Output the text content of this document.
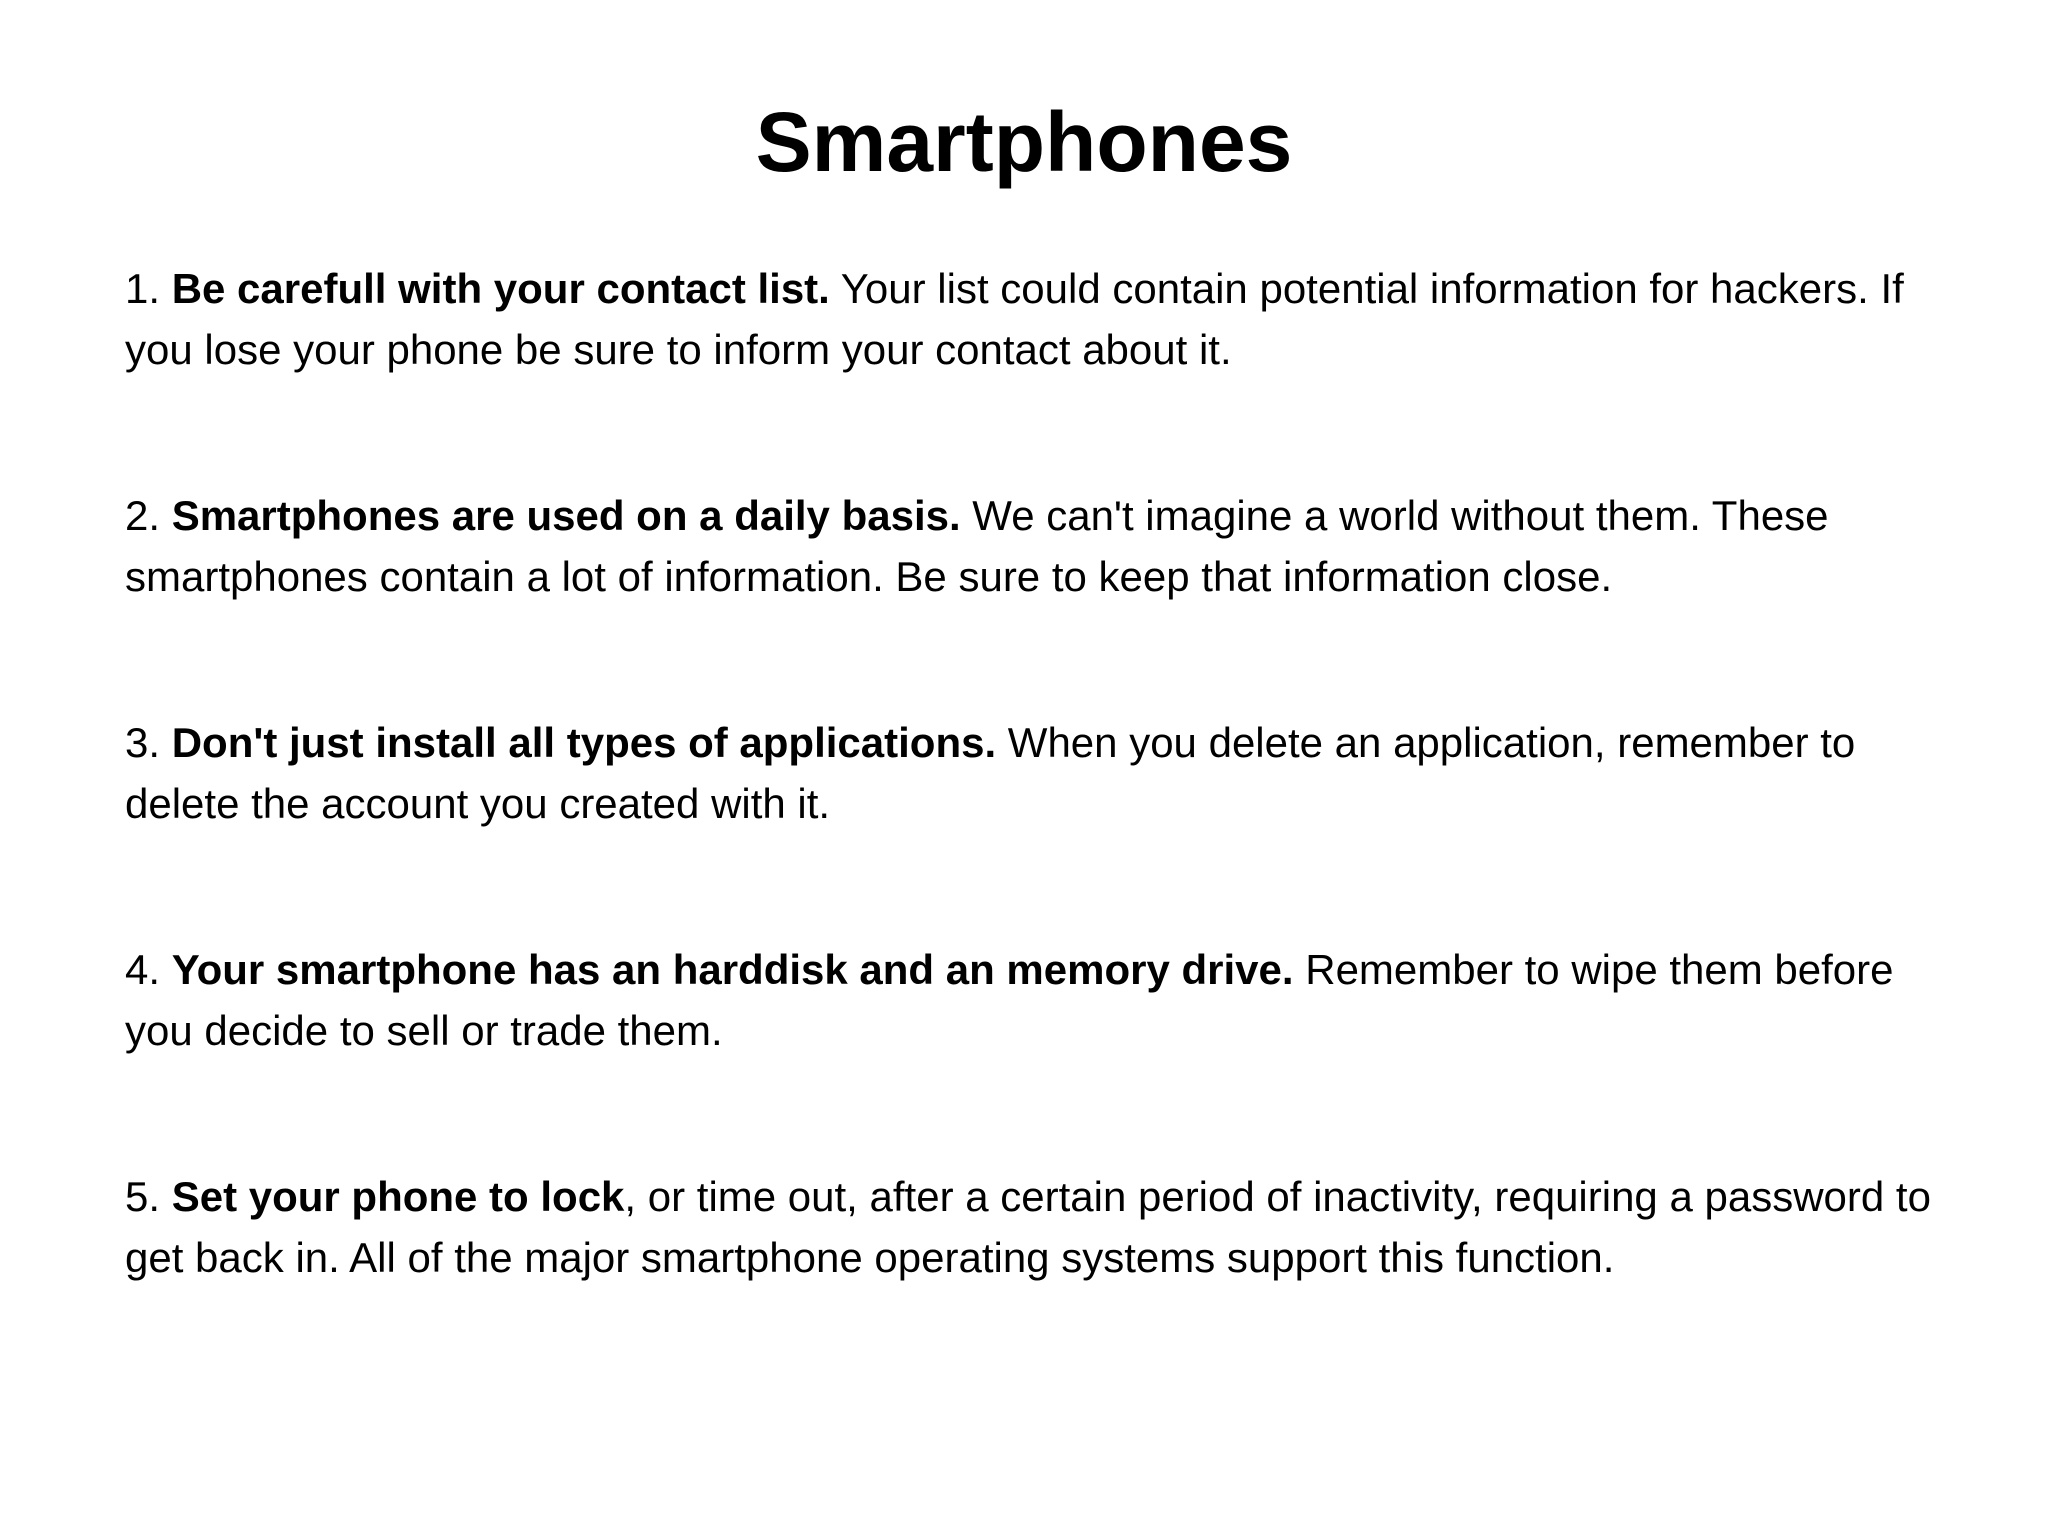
Smartphones
1. Be carefull with your contact list. Your list could contain potential information for hackers. If you lose your phone be sure to inform your contact about it.
2. Smartphones are used on a daily basis. We can't imagine a world without them. These smartphones contain a lot of information. Be sure to keep that information close.
3. Don't just install all types of applications. When you delete an application, remember to delete the account you created with it.
4. Your smartphone has an harddisk and an memory drive. Remember to wipe them before you decide to sell or trade them.
5. Set your phone to lock, or time out, after a certain period of inactivity, requiring a password to get back in. All of the major smartphone operating systems support this function.
